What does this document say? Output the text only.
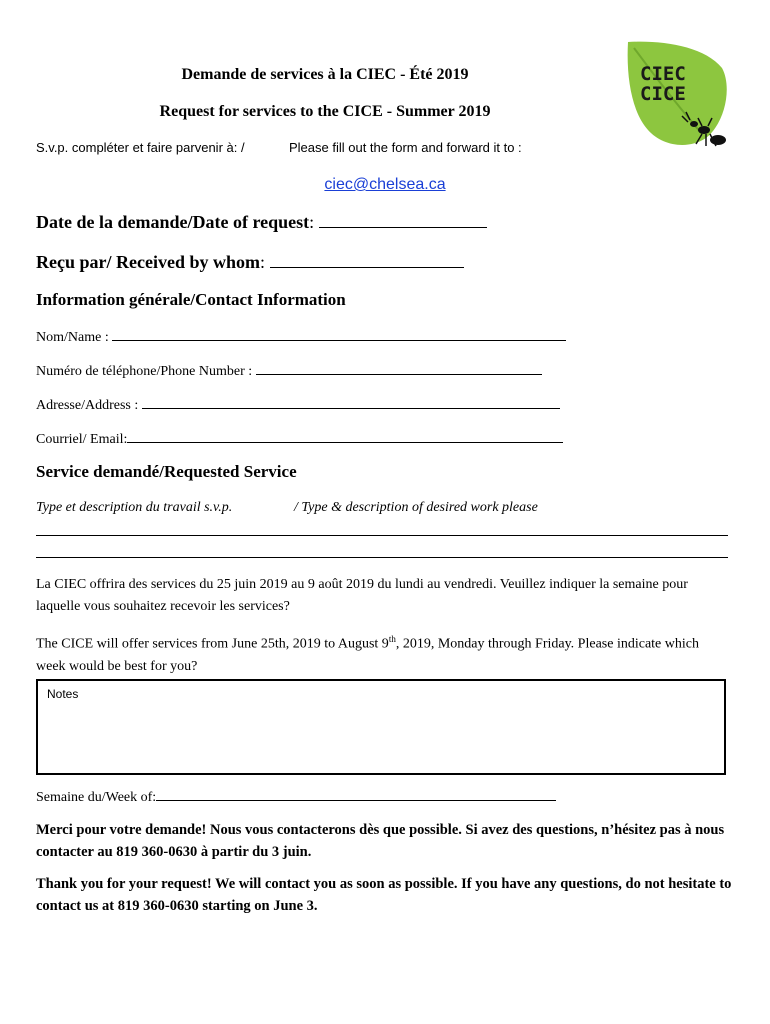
CIEC
CICE
Demande de services à la CIEC - Été 2019
Request for services to the CICE - Summer 2019
S.v.p. compléter et faire parvenir à: /	Please fill out the form and forward it to :
ciec@chelsea.ca
Date de la demande/Date of request:
Reçu par/ Received by whom:
Information générale/Contact Information
Nom/Name :
Numéro de téléphone/Phone Number :
Adresse/Address :
Courriel/ Email:
Service demandé/Requested Service
Type et description du travail s.v.p.	/ Type & description of desired work please
La CIEC offrira des services du 25 juin 2019 au 9 août 2019 du lundi au vendredi. Veuillez indiquer la semaine pour laquelle vous souhaitez recevoir les services?
The CICE will offer services from June 25th, 2019 to August 9th, 2019, Monday through Friday. Please indicate which week would be best for you?
Notes
Semaine du/Week of:
Merci pour votre demande! Nous vous contacterons dès que possible. Si avez des questions, n’hésitez pas à nous contacter au 819 360-0630 à partir du 3 juin.
Thank you for your request! We will contact you as soon as possible. If you have any questions, do not hesitate to contact us at 819 360-0630 starting on June 3.
